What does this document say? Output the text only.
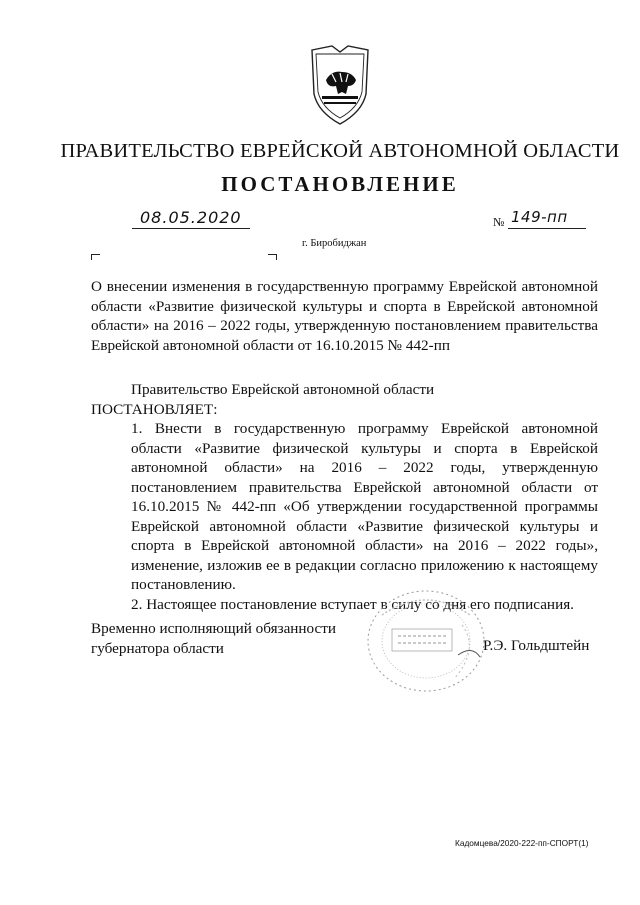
ПРАВИТЕЛЬСТВО ЕВРЕЙСКОЙ АВТОНОМНОЙ ОБЛАСТИ
ПОСТАНОВЛЕНИЕ
08.05.2020	№ 149-пп
г. Биробиджан
О внесении изменения в государственную программу Еврейской автономной
области «Развитие физической культуры и спорта в Еврейской автономной
области» на 2016 – 2022 годы, утвержденную постановлением правительства
Еврейской автономной области от 16.10.2015 № 442-пп
Правительство Еврейской автономной области
ПОСТАНОВЛЯЕТ:
1. Внести в государственную программу Еврейской автономной области «Развитие физической культуры и спорта в Еврейской автономной области» на 2016 – 2022 годы, утвержденную постановлением правительства Еврейской автономной области от 16.10.2015 № 442-пп «Об утверждении государственной программы Еврейской автономной области «Развитие физической культуры и спорта в Еврейской автономной области» на 2016 – 2022 годы», изменение, изложив ее в редакции согласно приложению к настоящему постановлению.
2. Настоящее постановление вступает в силу со дня его подписания.
Временно исполняющий обязанности
губернатора области	Р.Э. Гольдштейн
Кадомцева/2020-222-пп-СПОРТ(1)
